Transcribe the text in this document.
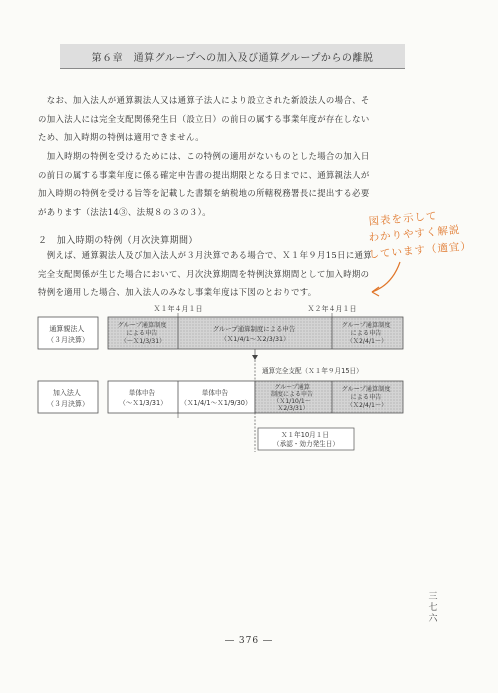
第６章　通算グループへの加入及び通算グループからの離脱
　なお、加入法人が通算親法人又は通算子法人により設立された新設法人の場合、そ
の加入法人には完全支配関係発生日（設立日）の前日の属する事業年度が存在しない
ため、加入時期の特例は適用できません。
　加入時期の特例を受けるためには、この特例の適用がないものとした場合の加入日
の前日の属する事業年度に係る確定申告書の提出期限となる日までに、通算親法人が
加入時期の特例を受ける旨等を記載した書類を納税地の所轄税務署長に提出する必要
があります（法法14③、法規８の３の３）。
２　加入時期の特例（月次決算期間）
　例えば、通算親法人及び加入法人が３月決算である場合で、Ｘ１年９月15日に通算
完全支配関係が生じた場合において、月次決算期間を特例決算期間として加入時期の
特例を適用した場合、加入法人のみなし事業年度は下図のとおりです。
図表を示して
わかりやすく解説
しています（適宜）
Ｘ１年４月１日	Ｘ２年４月１日
通算親法人 （３月決算）
グループ通算制度 による申告 （～Ｘ1/3/31）
グループ通算制度による申告 （Ｘ1/4/1～Ｘ2/3/31）
グループ通算制度 による申告 （Ｘ2/4/1～）
通算完全支配（Ｘ１年９月15日）
加入法人 （３月決算）
単体申告 （～Ｘ1/3/31）
単体申告 （Ｘ1/4/1～Ｘ1/9/30）
グループ通算 制度による申告 （Ｘ1/10/1～ Ｘ2/3/31）
グループ通算制度 による申告 （Ｘ2/4/1～）
Ｘ１年10月１日 （承認・効力発生日）
三
七
六
― 376 ―
